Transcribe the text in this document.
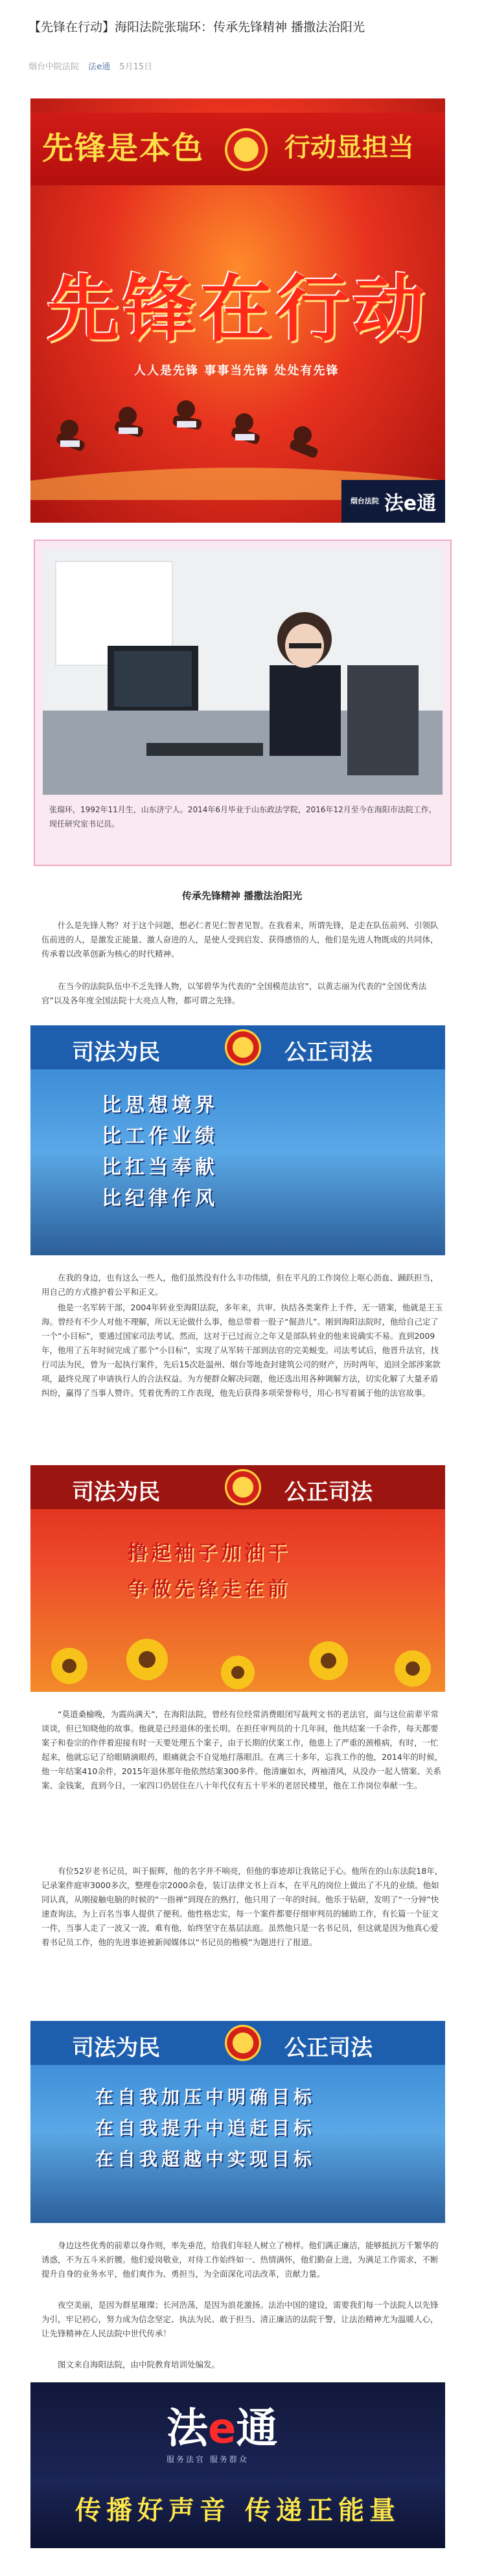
【先锋在行动】海阳法院张瑞环：传承先锋精神 播撒法治阳光
烟台中院法院 法e通 5月15日
先锋是本色	行动显担当
先锋在行动
人人是先锋 事事当先锋 处处有先锋
烟台法院 法e通
张瑞环，1992年11月生，山东济宁人。2014年6月毕业于山东政法学院，2016年12月至今在海阳市法院工作，现任研究室书记员。
传承先锋精神 播撒法治阳光
什么是先锋人物？对于这个问题，想必仁者见仁智者见智。在我看来，所谓先锋，是走在队伍前列、引领队伍前进的人，是激发正能量、激人奋进的人，是使人受到启发、获得感悟的人，他们是先进人物既成的共同体，传承着以改革创新为核心的时代精神。
在当今的法院队伍中不乏先锋人物，以邹碧华为代表的“全国模范法官”，以黄志丽为代表的“全国优秀法官”以及各年度全国法院十大亮点人物，都可谓之先锋。
司法为民	公正司法
比思想境界
比工作业绩
比扛当奉献
比纪律作风
在我的身边，也有这么一些人，他们虽然没有什么丰功伟绩，但在平凡的工作岗位上呕心沥血、踊跃担当，用自己的方式推护着公平和正义。
他是一名军转干部，2004年转业至海阳法院，多年来，共审、执结各类案件上千件，无一错案，他就是王玉海。曾经有不少人对他不理解，所以无论做什么事，他总带着一股子“倔劲儿”。刚到海阳法院时，他给自己定了一个“小目标”，要通过国家司法考试。然而，这对于已过而立之年又是部队转业的他来说确实不易。直到2009年，他用了五年时间完成了那个“小目标”，实现了从军转干部到法官的完美蜕变。司法考试后，他晋升法官，找行司法为民，曾为一起执行案件，先后15次赴温州、烟台等地查封建筑公司的财产，历时两年，追回全部涉案款项，最终兑现了申请执行人的合法权益。为方便群众解决问题，他还选出用各种调解方法，切实化解了大量矛盾纠纷，赢得了当事人赞许。凭着优秀的工作表现，他先后获得多项荣誉称号，用心书写着属于他的法官故事。
司法为民	公正司法
撸起袖子加油干
争做先锋走在前
“莫道桑榆晚，为霞尚满天”，在海阳法院，曾经有位经常消费眼闭写裁判文书的老法官，面与这位前辈平常谈谈，但已知晓他的故事。他就是已经退休的张长明。在担任审判员的十几年间，他共结案一千余件，每天都要案子和卷宗的作伴着迎接有时一天要处理五个案子，由于长期的伏案工作，他患上了严重的颈椎病，有时，一忙起来，他就忘记了给眼睛滴眼药，眼痛就会不自觉地打落眼泪。在离三十多年，忘我工作的他，2014年的时候，他一年结案410余件，2015年退休那年他依然结案300多件。他清廉如水，两袖清风，从没办一起人情案、关系案、金钱案，直到今日，一家四口仍居住在八十年代仅有五十平米的老居民楼里，他在工作岗位奉献一生。
有位52岁老书记员，叫于振辉，他的名字并不响亮，但他的事迹却让我铭记于心。他所在的山东法院18年，记录案件庭审3000多次，整理卷宗2000余卷，装订法律文书上百本，在平凡的岗位上做出了不凡的业绩。他如同认真，从刚接触电脑的时候的“一指禅”到现在的熟打，他只用了一年的时间。他乐于钻研，发明了“一分钟”快速查询法，为上百名当事人提供了便利。他性格忠实，每一个案件都要仔细审判员的辅助工作，有长篇一个征文一件，当事人走了一波又一波，难有他，始终坚守在基层法庭。虽然他只是一名书记员，但这就是因为他真心爱着书记员工作，他的先进事迹被新闻媒体以“书记员的楷模”为题进行了报道。
司法为民	公正司法
在自我加压中明确目标
在自我提升中追赶目标
在自我超越中实现目标
身边这些优秀的前辈以身作则，率先垂范，给我们年轻人树立了榜样。他们满正廉洁，能够抵抗万千繁华的诱惑，不为五斗米折腰。他们爱岗敬业，对待工作始终如一、热情满怀，他们勤奋上进，为满足工作需求，不断提升自身的业务水平，他们爽作为、勇担当，为全面深化司法改革，贡献力量。
夜空美丽，是因为群星璀璨；长河浩荡，是因为浪花激扬。法治中国的建设，需要我们每一个法院人以先锋为引，牢记初心，努力成为信念坚定、执法为民、敢于担当、清正廉洁的法院干警，让法治精神尤为温暖人心，让先锋精神在人民法院中世代传承！
图文来自海阳法院，由中院教育培训处编发。
法e通
服务法官 服务群众
传播好声音 传递正能量
